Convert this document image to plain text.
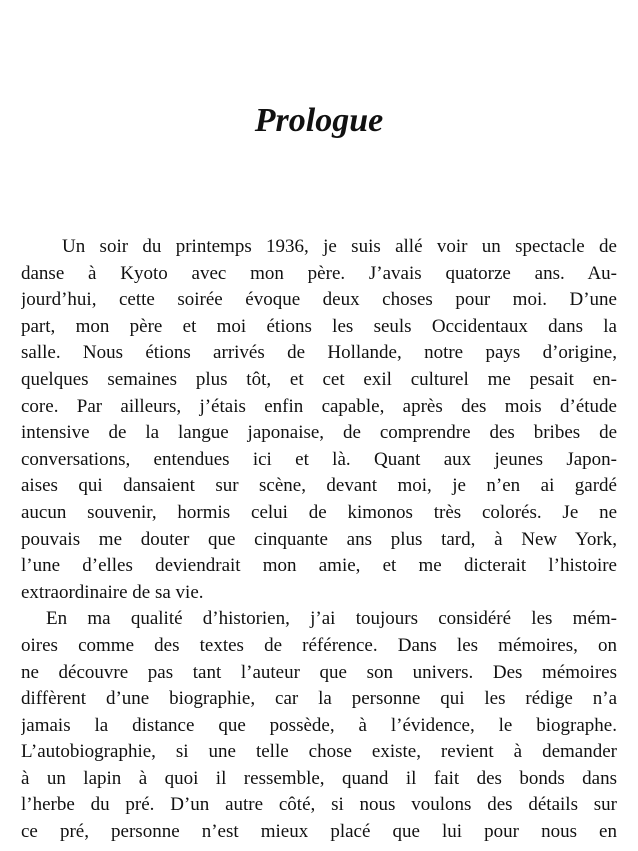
Prologue
Un soir du printemps 1936, je suis allé voir un spectacle de
danse à Kyoto avec mon père. J’avais quatorze ans. Au-
jourd’hui, cette soirée évoque deux choses pour moi. D’une
part, mon père et moi étions les seuls Occidentaux dans la
salle. Nous étions arrivés de Hollande, notre pays d’origine,
quelques semaines plus tôt, et cet exil culturel me pesait en-
core. Par ailleurs, j’étais enfin capable, après des mois d’étude
intensive de la langue japonaise, de comprendre des bribes de
conversations, entendues ici et là. Quant aux jeunes Japon-
aises qui dansaient sur scène, devant moi, je n’en ai gardé
aucun souvenir, hormis celui de kimonos très colorés. Je ne
pouvais me douter que cinquante ans plus tard, à New York,
l’une d’elles deviendrait mon amie, et me dicterait l’histoire
extraordinaire de sa vie.
En ma qualité d’historien, j’ai toujours considéré les mém-
oires comme des textes de référence. Dans les mémoires, on
ne découvre pas tant l’auteur que son univers. Des mémoires
diffèrent d’une biographie, car la personne qui les rédige n’a
jamais la distance que possède, à l’évidence, le biographe.
L’autobiographie, si une telle chose existe, revient à demander
à un lapin à quoi il ressemble, quand il fait des bonds dans
l’herbe du pré. D’un autre côté, si nous voulons des détails sur
ce pré, personne n’est mieux placé que lui pour nous en
